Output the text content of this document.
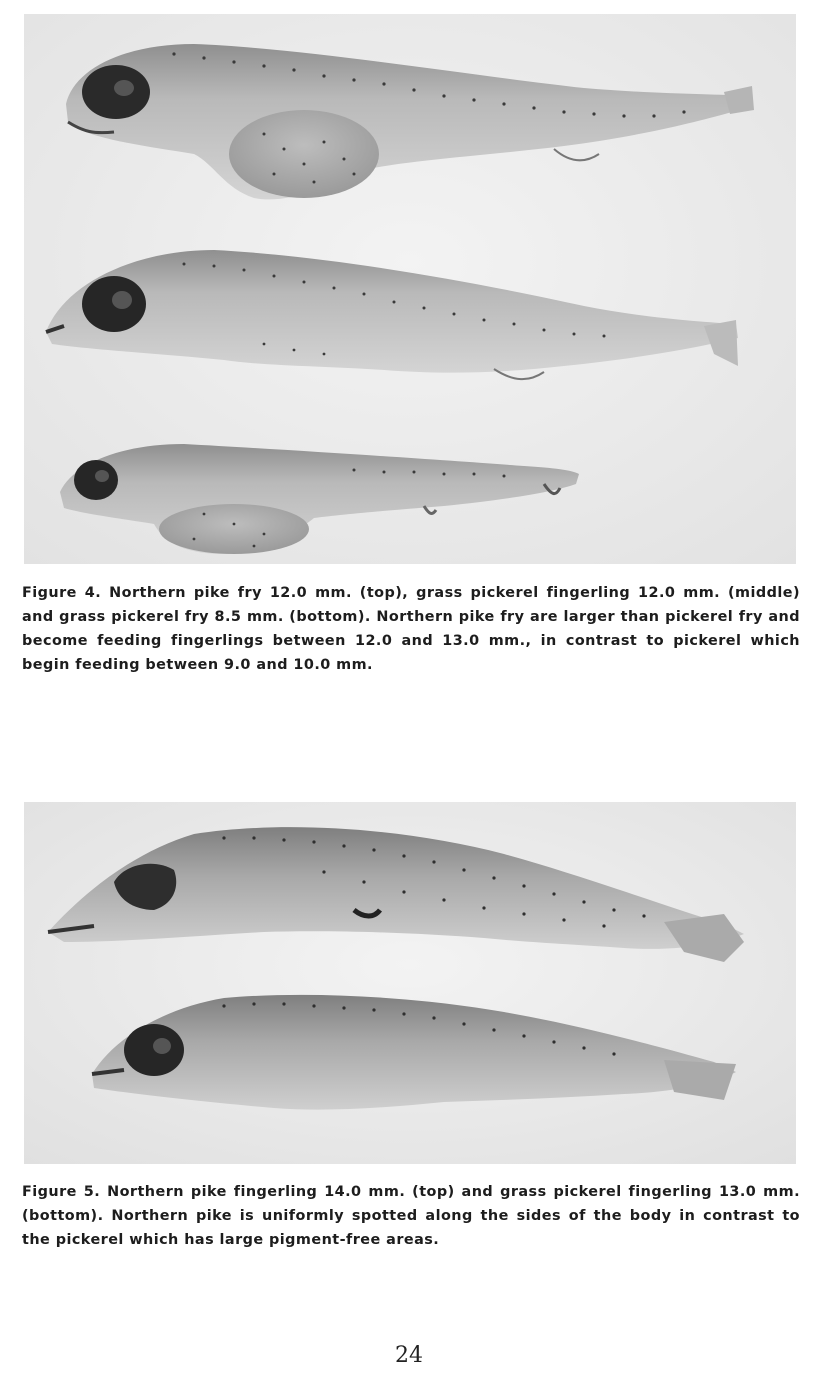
Figure 4. Northern pike fry 12.0 mm. (top), grass pickerel fingerling 12.0 mm. (middle) and grass pickerel fry 8.5 mm. (bottom). Northern pike fry are larger than pickerel fry and become feeding fingerlings between 12.0 and 13.0 mm., in contrast to pickerel which begin feeding between 9.0 and 10.0 mm.

Figure 5. Northern pike fingerling 14.0 mm. (top) and grass pickerel fingerling 13.0 mm. (bottom). Northern pike is uniformly spotted along the sides of the body in contrast to the pickerel which has large pigment-free areas.

24
